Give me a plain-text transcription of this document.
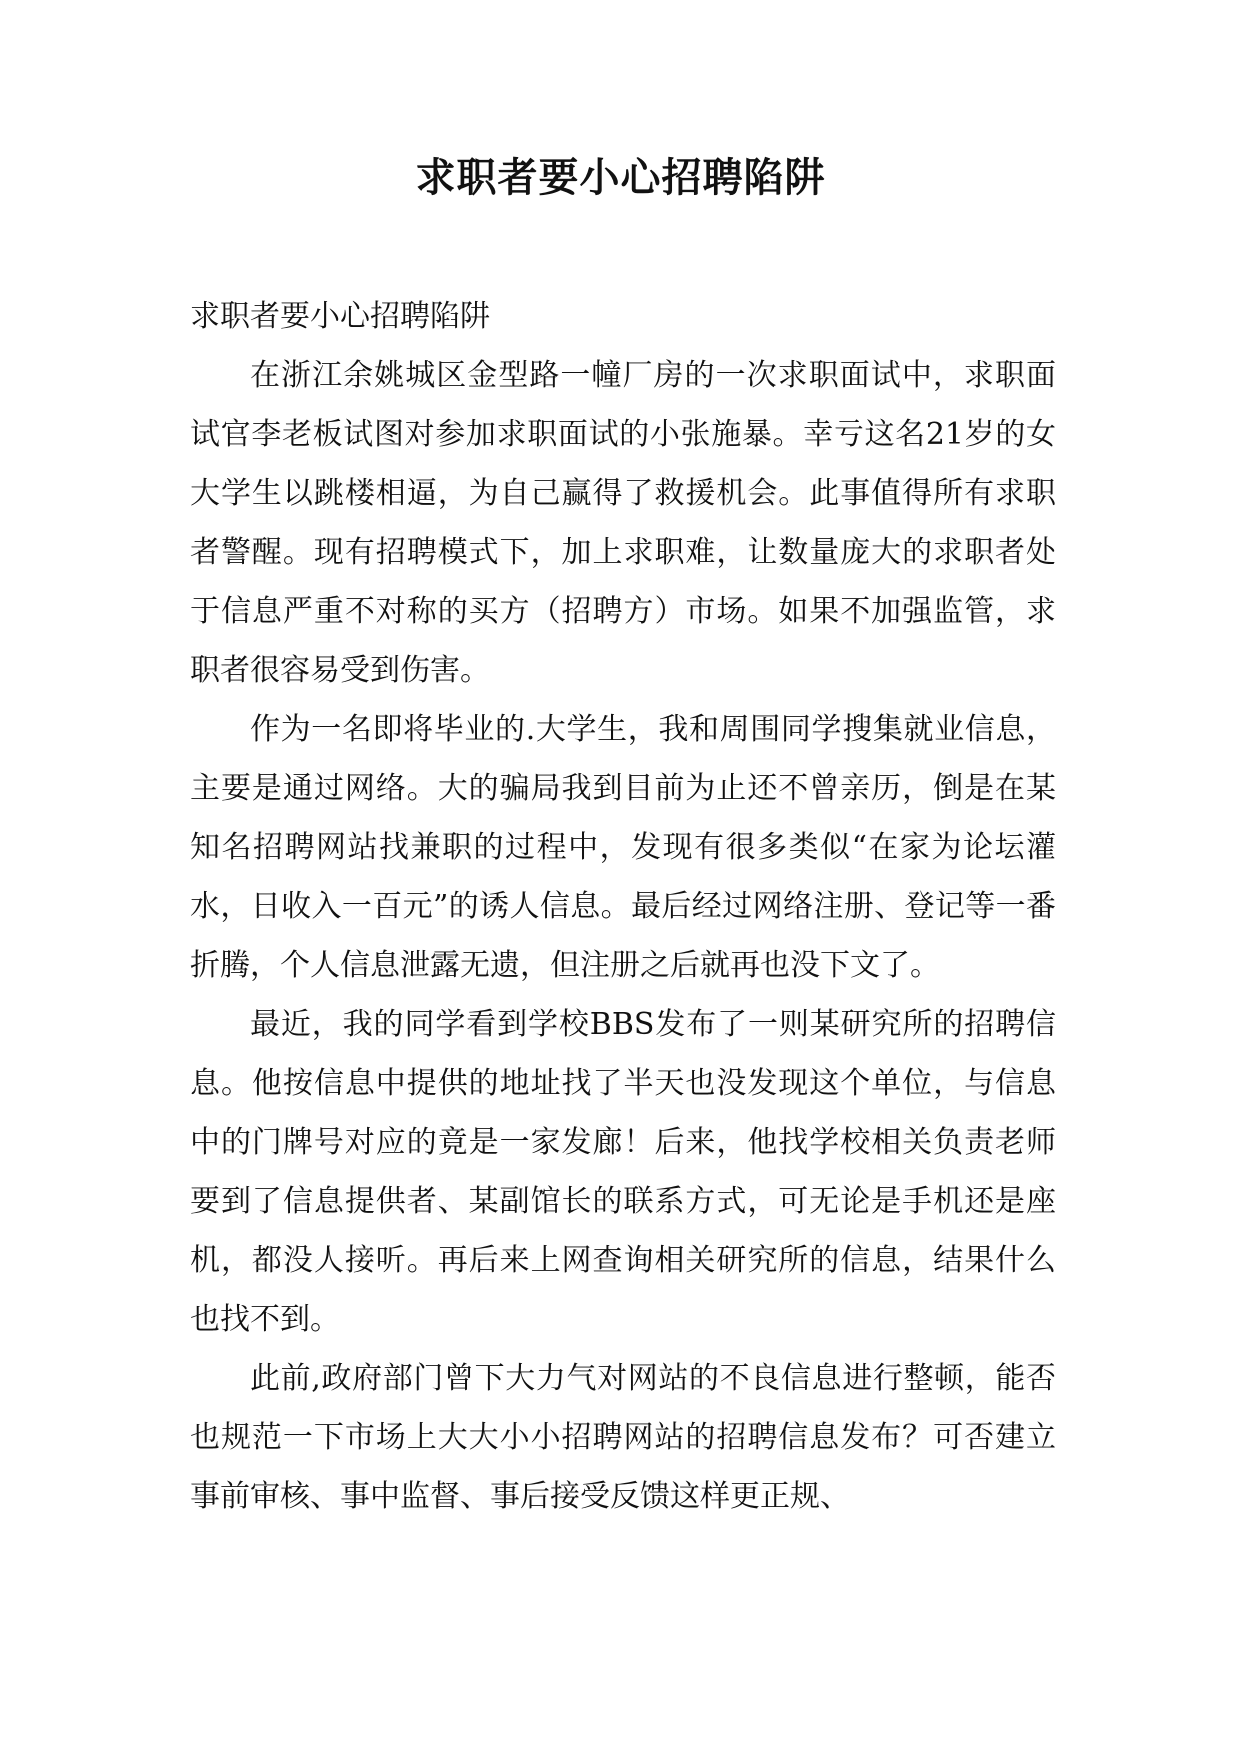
求职者要小心招聘陷阱

求职者要小心招聘陷阱

在浙江余姚城区金型路一幢厂房的一次求职面试中，求职面试官李老板试图对参加求职面试的小张施暴。幸亏这名21岁的女大学生以跳楼相逼，为自己赢得了救援机会。此事值得所有求职者警醒。现有招聘模式下，加上求职难，让数量庞大的求职者处于信息严重不对称的买方（招聘方）市场。如果不加强监管，求职者很容易受到伤害。

作为一名即将毕业的.大学生，我和周围同学搜集就业信息，主要是通过网络。大的骗局我到目前为止还不曾亲历，倒是在某知名招聘网站找兼职的过程中，发现有很多类似“在家为论坛灌水，日收入一百元”的诱人信息。最后经过网络注册、登记等一番折腾，个人信息泄露无遗，但注册之后就再也没下文了。

最近，我的同学看到学校BBS发布了一则某研究所的招聘信息。他按信息中提供的地址找了半天也没发现这个单位，与信息中的门牌号对应的竟是一家发廊！后来，他找学校相关负责老师要到了信息提供者、某副馆长的联系方式，可无论是手机还是座机，都没人接听。再后来上网查询相关研究所的信息，结果什么也找不到。

此前,政府部门曾下大力气对网站的不良信息进行整顿，能否也规范一下市场上大大小小招聘网站的招聘信息发布？可否建立事前审核、事中监督、事后接受反馈这样更正规、
